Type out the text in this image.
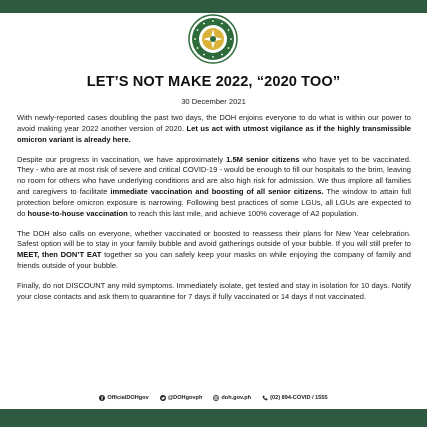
LET’S NOT MAKE 2022, “2020 TOO”
30 December 2021

With newly-reported cases doubling the past two days, the DOH enjoins everyone to do what is within our power to avoid making year 2022 another version of 2020. Let us act with utmost vigilance as if the highly transmissible omicron variant is already here.

Despite our progress in vaccination, we have approximately 1.5M senior citizens who have yet to be vaccinated. They - who are at most risk of severe and critical COVID-19 - would be enough to fill our hospitals to the brim, leaving no room for others who have underlying conditions and are also high risk for admission. We thus implore all families and caregivers to facilitate immediate vaccination and boosting of all senior citizens. The window to attain full protection before omicron exposure is narrowing. Following best practices of some LGUs, all LGUs are expected to do house-to-house vaccination to reach this last mile, and achieve 100% coverage of A2 population.

The DOH also calls on everyone, whether vaccinated or boosted to reassess their plans for New Year celebration. Safest option will be to stay in your family bubble and avoid gatherings outside of your bubble. If you will still prefer to MEET, then DON’T EAT together so you can safely keep your masks on while enjoying the company of family and friends outside of your bubble.

Finally, do not DISCOUNT any mild symptoms. Immediately isolate, get tested and stay in isolation for 10 days. Notify your close contacts and ask them to quarantine for 7 days if fully vaccinated or 14 days if not vaccinated.

OfficialDOHgov	@DOHgovph	doh.gov.ph	(02) 894-COVID / 1555
